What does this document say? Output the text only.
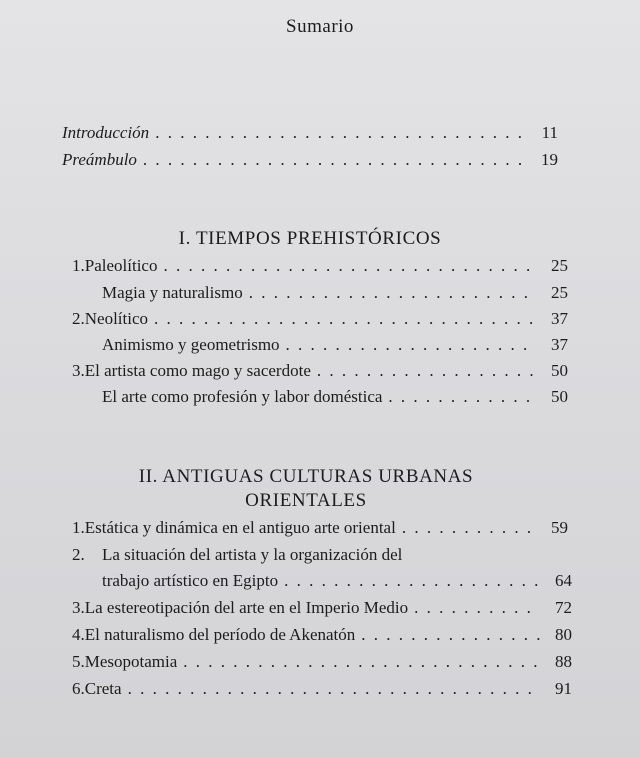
Sumario
Introducción . . .	11
Preámbulo . . .	19
I. TIEMPOS PREHISTÓRICOS
1. Paleolítico . . .	25
Magia y naturalismo . . .	25
2. Neolítico . . .	37
Animismo y geometrismo . . .	37
3. El artista como mago y sacerdote . . .	50
El arte como profesión y labor doméstica . . .	50
II. ANTIGUAS CULTURAS URBANAS
ORIENTALES
1. Estática y dinámica en el antiguo arte oriental . . .	59
2. La situación del artista y la organización del
trabajo artístico en Egipto . . .	64
3. La estereotipación del arte en el Imperio Medio . . .	72
4. El naturalismo del período de Akenatón . . .	80
5. Mesopotamia . . .	88
6. Creta . . .	91
